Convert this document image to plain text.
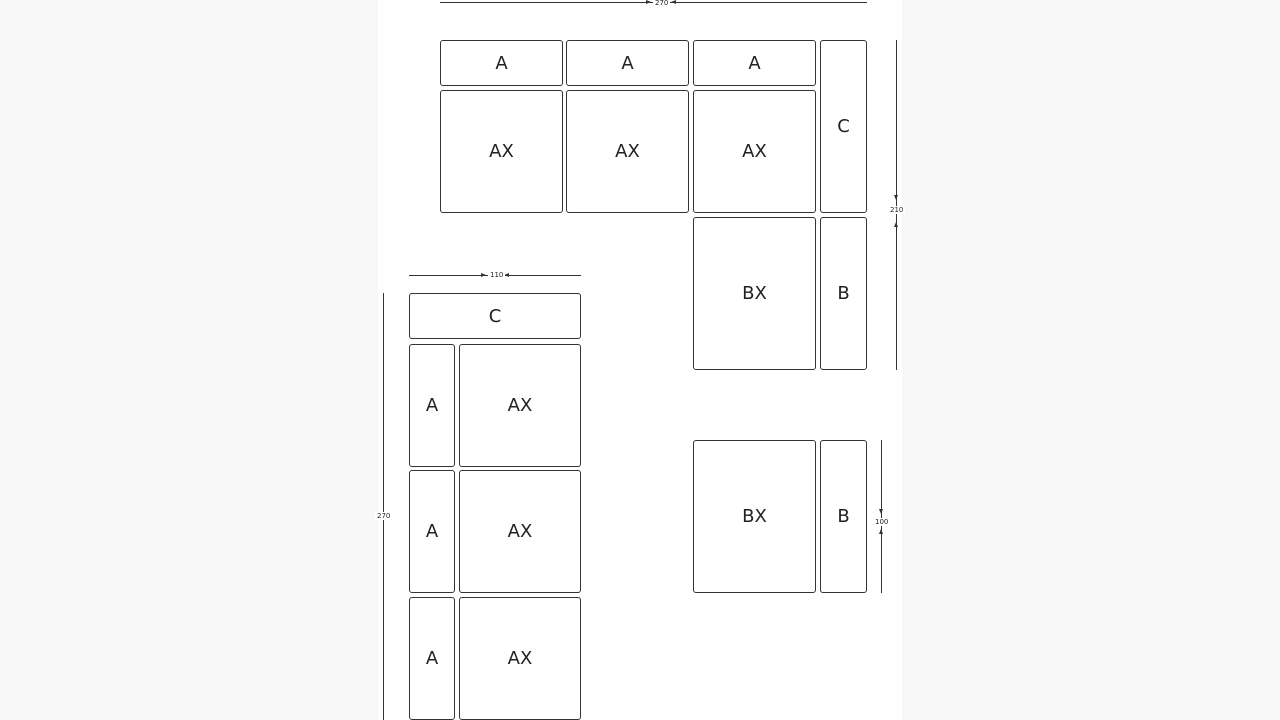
270
A	A	A
AX	AX	AX
C
BX	B
210
110
C
A	AX
A	AX
A	AX
270	BX	B	100
